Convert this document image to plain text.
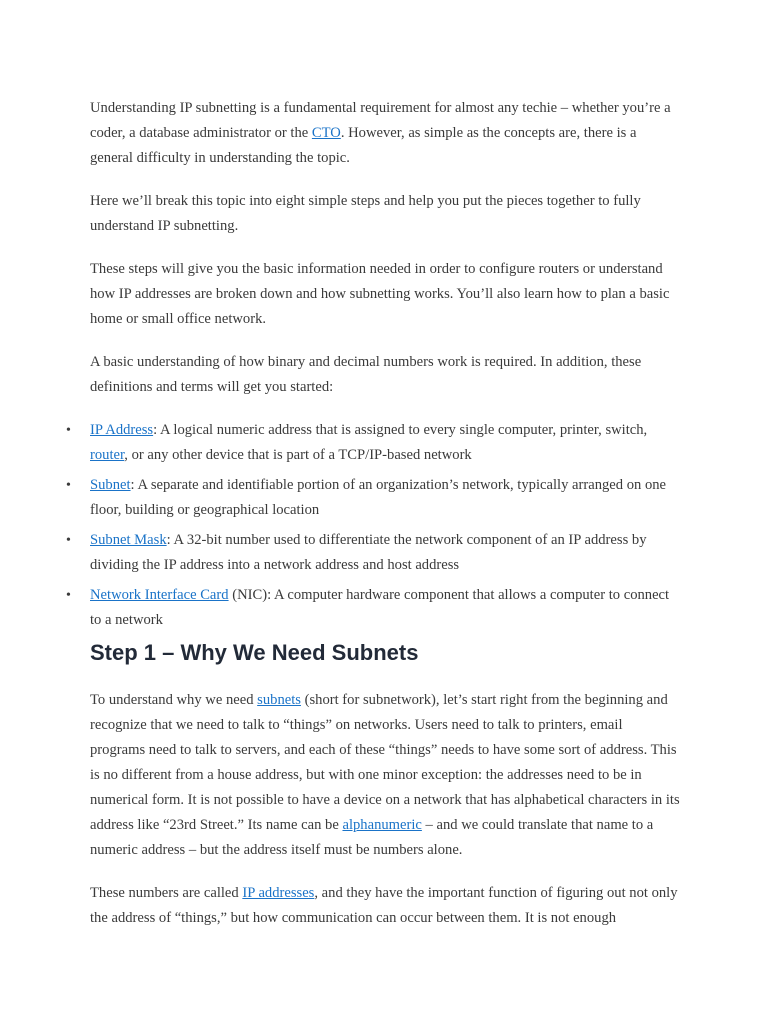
Understanding IP subnetting is a fundamental requirement for almost any techie – whether you’re a coder, a database administrator or the CTO. However, as simple as the concepts are, there is a general difficulty in understanding the topic.

Here we’ll break this topic into eight simple steps and help you put the pieces together to fully understand IP subnetting.

These steps will give you the basic information needed in order to configure routers or understand how IP addresses are broken down and how subnetting works. You’ll also learn how to plan a basic home or small office network.

A basic understanding of how binary and decimal numbers work is required. In addition, these definitions and terms will get you started:

• IP Address: A logical numeric address that is assigned to every single computer, printer, switch, router, or any other device that is part of a TCP/IP-based network
• Subnet: A separate and identifiable portion of an organization’s network, typically arranged on one floor, building or geographical location
• Subnet Mask: A 32-bit number used to differentiate the network component of an IP address by dividing the IP address into a network address and host address
• Network Interface Card (NIC): A computer hardware component that allows a computer to connect to a network
Step 1 – Why We Need Subnets

To understand why we need subnets (short for subnetwork), let’s start right from the beginning and recognize that we need to talk to “things” on networks. Users need to talk to printers, email programs need to talk to servers, and each of these “things” needs to have some sort of address. This is no different from a house address, but with one minor exception: the addresses need to be in numerical form. It is not possible to have a device on a network that has alphabetical characters in its address like “23rd Street.” Its name can be alphanumeric – and we could translate that name to a numeric address – but the address itself must be numbers alone.

These numbers are called IP addresses, and they have the important function of figuring out not only the address of “things,” but how communication can occur between them. It is not enough
